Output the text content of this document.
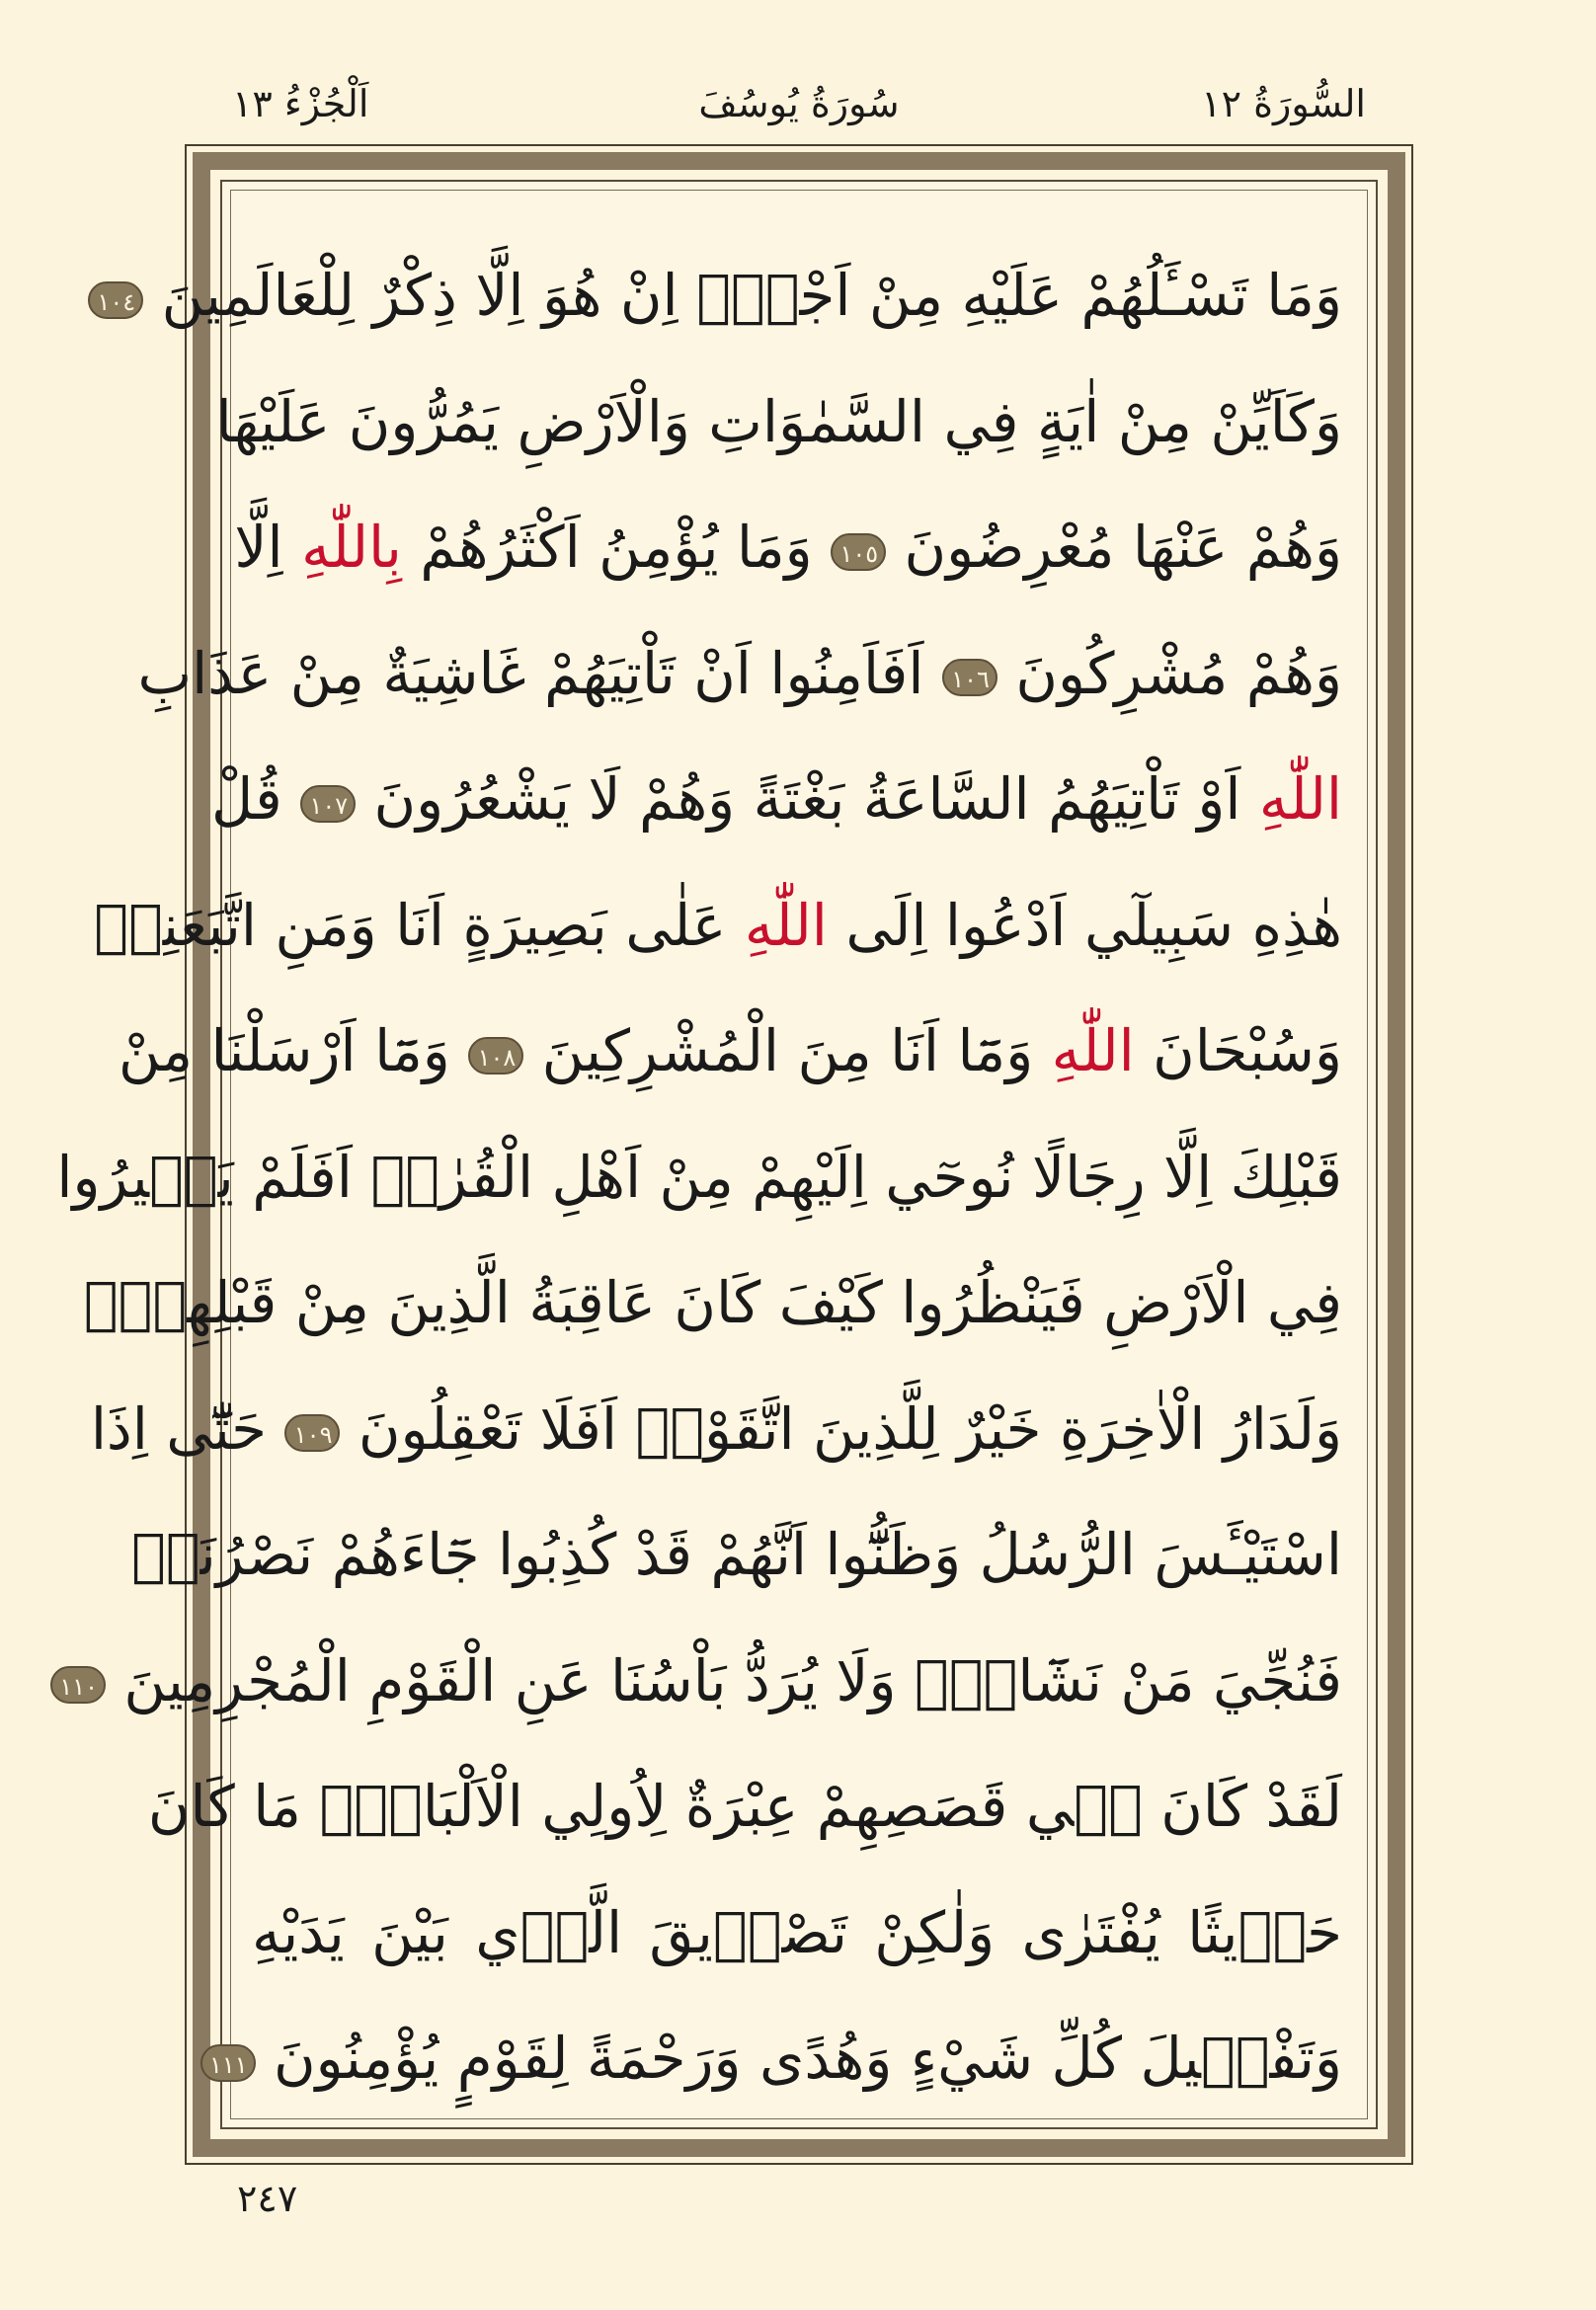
السُّورَةُ ١٢
سُورَةُ يُوسُفَ
اَلْجُزْءُ ١٣
وَمَا تَسْـَٔلُهُمْ عَلَيْهِ مِنْ اَجْرٍۜ اِنْ هُوَ اِلَّا ذِكْرٌ لِلْعَالَمِينَ ١٠٤
وَكَاَيِّنْ مِنْ اٰيَةٍ فِي السَّمٰوَاتِ وَالْاَرْضِ يَمُرُّونَ عَلَيْهَا
وَهُمْ عَنْهَا مُعْرِضُونَ ١٠٥ وَمَا يُؤْمِنُ اَكْثَرُهُمْ بِاللّٰهِ اِلَّا
وَهُمْ مُشْرِكُونَ ١٠٦ اَفَاَمِنُوا اَنْ تَاْتِيَهُمْ غَاشِيَةٌ مِنْ عَذَابِ
اللّٰهِ اَوْ تَاْتِيَهُمُ السَّاعَةُ بَغْتَةً وَهُمْ لَا يَشْعُرُونَ ١٠٧ قُلْ
هٰذِهِ سَبِيلٓي اَدْعُوا اِلَى اللّٰهِ عَلٰى بَصِيرَةٍ اَنَا وَمَنِ اتَّبَعَنِيۜ
وَسُبْحَانَ اللّٰهِ وَمَٓا اَنَا مِنَ الْمُشْرِكِينَ ١٠٨ وَمَٓا اَرْسَلْنَا مِنْ
قَبْلِكَ اِلَّا رِجَالًا نُوحٓي اِلَيْهِمْ مِنْ اَهْلِ الْقُرٰىۜ اَفَلَمْ يَسٖيرُوا
فِي الْاَرْضِ فَيَنْظُرُوا كَيْفَ كَانَ عَاقِبَةُ الَّذِينَ مِنْ قَبْلِهِمْۜ
وَلَدَارُ الْاٰخِرَةِ خَيْرٌ لِلَّذِينَ اتَّقَوْاۜ اَفَلَا تَعْقِلُونَ ١٠٩ حَتّٰٓى اِذَا
اسْتَيْـَٔسَ الرُّسُلُ وَظَنُّٓوا اَنَّهُمْ قَدْ كُذِبُوا جَٓاءَهُمْ نَصْرُنَاۙ
فَنُجِّيَ مَنْ نَشَٓاءُۜ وَلَا يُرَدُّ بَاْسُنَا عَنِ الْقَوْمِ الْمُجْرِمِينَ ١١٠
لَقَدْ كَانَ فٖي قَصَصِهِمْ عِبْرَةٌ لِاُولِي الْاَلْبَابِۜ مَا كَانَ
حَدٖيثًا يُفْتَرٰى وَلٰكِنْ تَصْدٖيقَ الَّذٖي بَيْنَ يَدَيْهِ
وَتَفْصٖيلَ كُلِّ شَيْءٍ وَهُدًى وَرَحْمَةً لِقَوْمٍ يُؤْمِنُونَ ١١١
٢٤٧
